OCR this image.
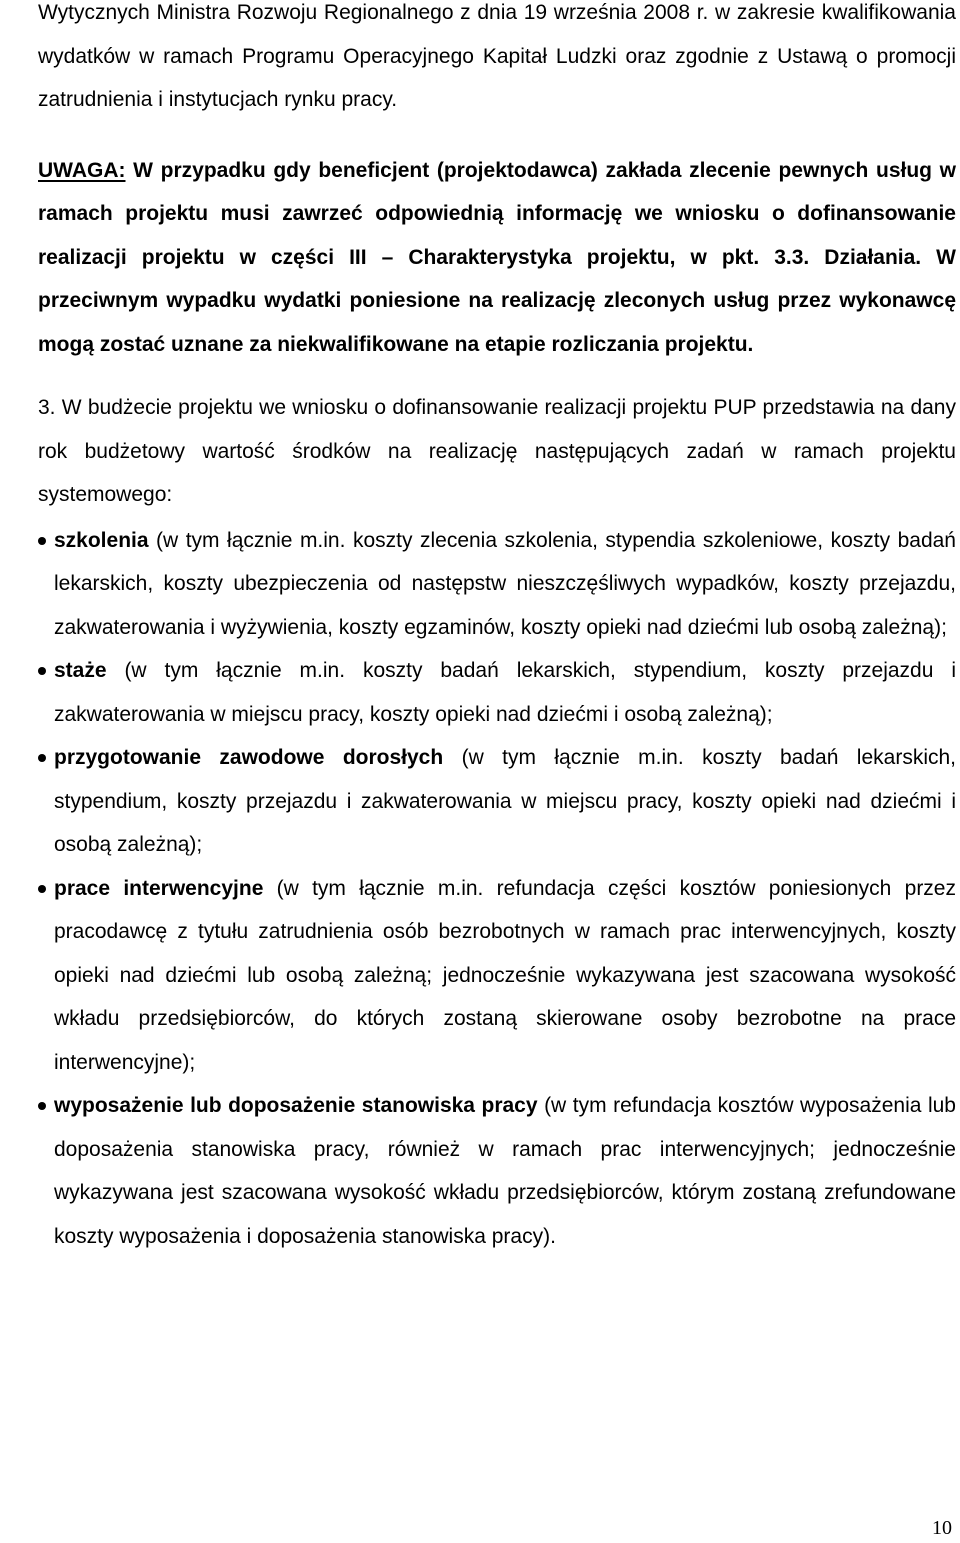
Wytycznych Ministra Rozwoju Regionalnego z dnia 19 września 2008 r. w zakresie kwalifikowania wydatków w ramach Programu Operacyjnego Kapitał Ludzki oraz zgodnie z Ustawą o promocji zatrudnienia i instytucjach rynku pracy.

UWAGA: W przypadku gdy beneficjent (projektodawca) zakłada zlecenie pewnych usług w ramach projektu musi zawrzeć odpowiednią informację we wniosku o dofinansowanie realizacji projektu w części III – Charakterystyka projektu, w pkt. 3.3. Działania. W przeciwnym wypadku wydatki poniesione na realizację zleconych usług przez wykonawcę mogą zostać uznane za niekwalifikowane na etapie rozliczania projektu.

3. W budżecie projektu we wniosku o dofinansowanie realizacji projektu PUP przedstawia na dany rok budżetowy wartość środków na realizację następujących zadań w ramach projektu systemowego:

szkolenia (w tym łącznie m.in. koszty zlecenia szkolenia, stypendia szkoleniowe, koszty badań lekarskich, koszty ubezpieczenia od następstw nieszczęśliwych wypadków, koszty przejazdu, zakwaterowania i wyżywienia, koszty egzaminów, koszty opieki nad dziećmi lub osobą zależną);

staże (w tym łącznie m.in. koszty badań lekarskich, stypendium, koszty przejazdu i zakwaterowania w miejscu pracy, koszty opieki nad dziećmi i osobą zależną);

przygotowanie zawodowe dorosłych (w tym łącznie m.in. koszty badań lekarskich, stypendium, koszty przejazdu i zakwaterowania w miejscu pracy, koszty opieki nad dziećmi i osobą zależną);

prace interwencyjne (w tym łącznie m.in. refundacja części kosztów poniesionych przez pracodawcę z tytułu zatrudnienia osób bezrobotnych w ramach prac interwencyjnych, koszty opieki nad dziećmi lub osobą zależną; jednocześnie wykazywana jest szacowana wysokość wkładu przedsiębiorców, do których zostaną skierowane osoby bezrobotne na prace interwencyjne);

wyposażenie lub doposażenie stanowiska pracy (w tym refundacja kosztów wyposażenia lub doposażenia stanowiska pracy, również w ramach prac interwencyjnych; jednocześnie wykazywana jest szacowana wysokość wkładu przedsiębiorców, którym zostaną zrefundowane koszty wyposażenia i doposażenia stanowiska pracy).

10
